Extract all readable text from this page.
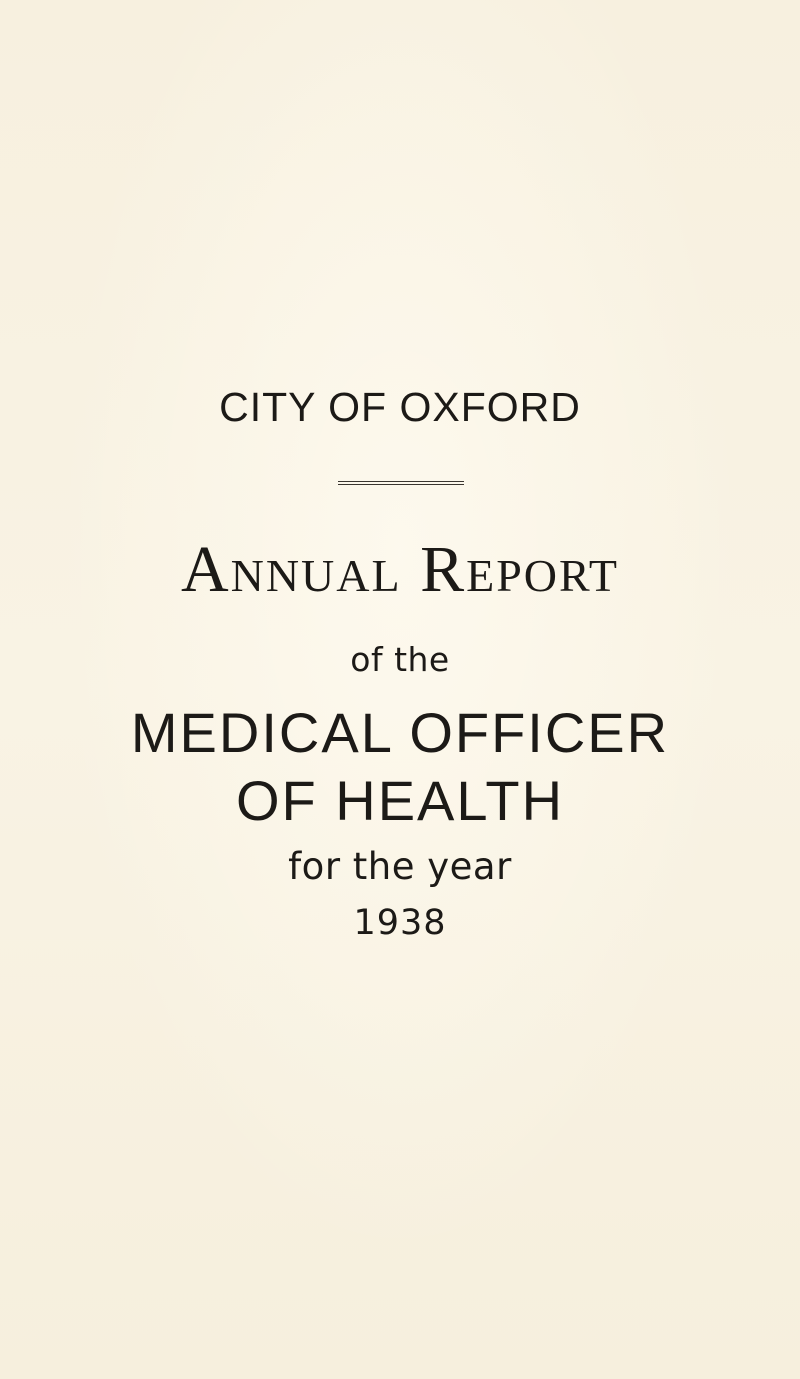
CITY OF OXFORD
Annual Report
of the
MEDICAL OFFICER
OF HEALTH
for the year
1938
